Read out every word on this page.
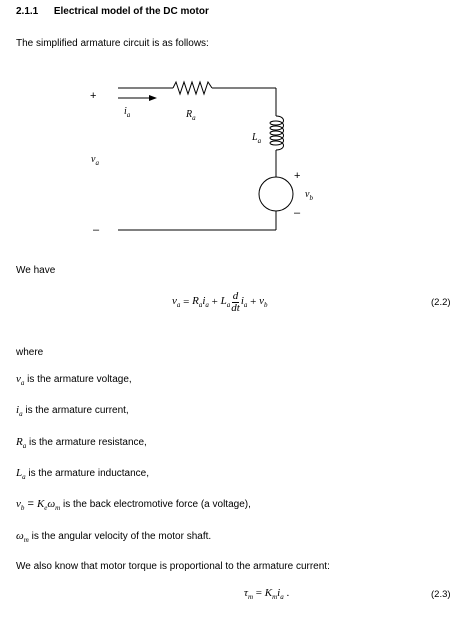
2.1.1 Electrical model of the DC motor
The simplified armature circuit is as follows:
+
–
$i_a$	$R_a$
$L_a$
$v_a$
+
$v_b$
–
We have
$v_a = R_a$ $i_a + L_a \frac{d}{dt} i_a + v_b$	(2.2)
where
$v_a$ is the armature voltage,
$i_a$ is the armature current,
$R_a$ is the armature resistance,
$L_a$ is the armature inductance,
$v_b = K_e\omega_m$ is the back electromotive force (a voltage),
$\omega_m$ is the angular velocity of the motor shaft.
We also know that motor torque is proportional to the armature current:
$\tau_m = K_mi_a$ .	(2.3)
